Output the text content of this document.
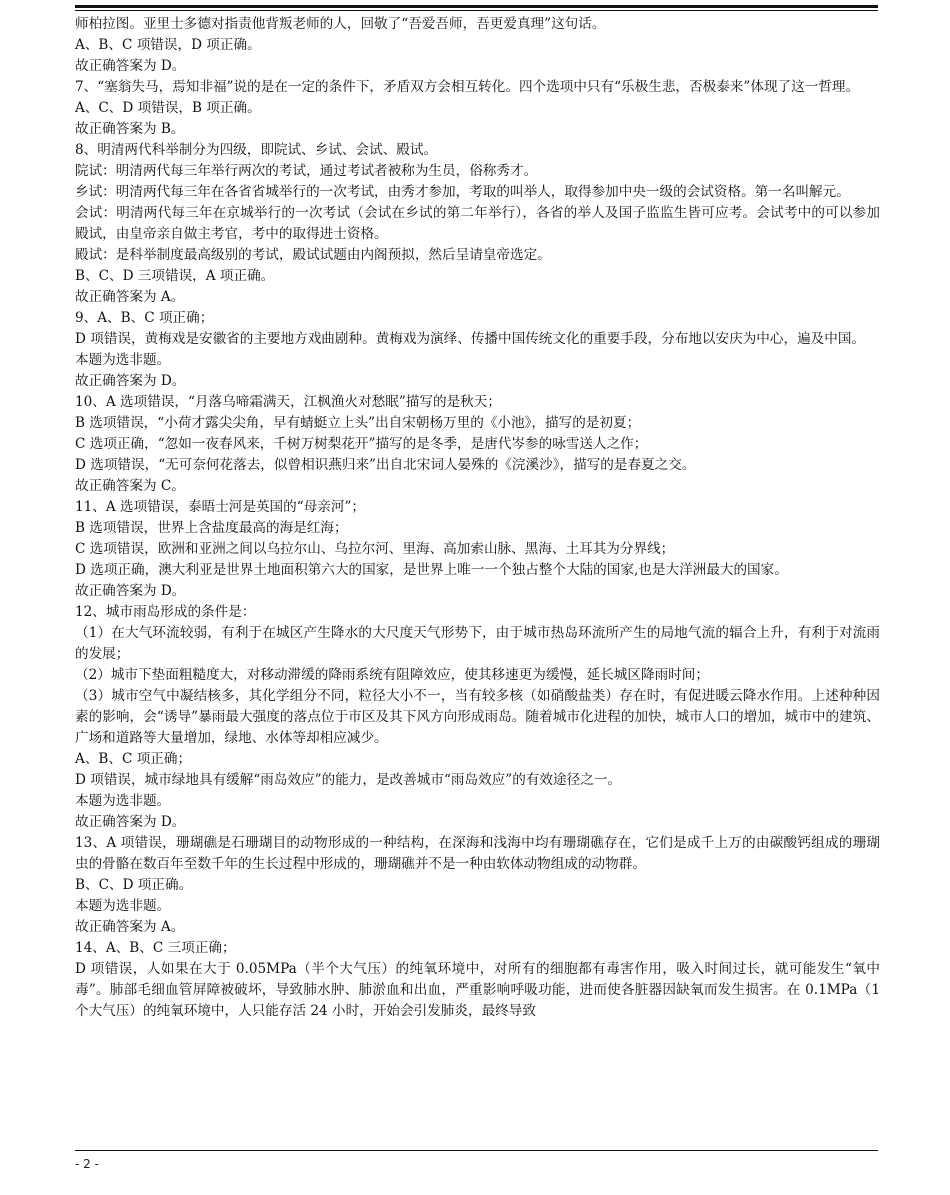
师柏拉图。亚里士多德对指责他背叛老师的人，回敬了“吾爱吾师，吾更爱真理”这句话。

A、B、C 项错误，D 项正确。

故正确答案为 D。

7、“塞翁失马，焉知非福”说的是在一定的条件下，矛盾双方会相互转化。四个选项中只有“乐极生悲，否极泰来”体现了这一哲理。

A、C、D 项错误，B 项正确。

故正确答案为 B。

8、明清两代科举制分为四级，即院试、乡试、会试、殿试。

院试：明清两代每三年举行两次的考试，通过考试者被称为生员，俗称秀才。

乡试：明清两代每三年在各省省城举行的一次考试，由秀才参加，考取的叫举人，取得参加中央一级的会试资格。第一名叫解元。

会试：明清两代每三年在京城举行的一次考试（会试在乡试的第二年举行），各省的举人及国子监监生皆可应考。会试考中的可以参加殿试，由皇帝亲自做主考官，考中的取得进士资格。

殿试：是科举制度最高级别的考试，殿试试题由内阁预拟，然后呈请皇帝选定。

B、C、D 三项错误，A 项正确。

故正确答案为 A。

9、A、B、C 项正确；

D 项错误，黄梅戏是安徽省的主要地方戏曲剧种。黄梅戏为演绎、传播中国传统文化的重要手段，分布地以安庆为中心，遍及中国。

本题为选非题。

故正确答案为 D。

10、A 选项错误，“月落乌啼霜满天，江枫渔火对愁眠”描写的是秋天；

B 选项错误，“小荷才露尖尖角，早有蜻蜓立上头”出自宋朝杨万里的《小池》，描写的是初夏；

C 选项正确，“忽如一夜春风来，千树万树梨花开”描写的是冬季，是唐代岑参的咏雪送人之作；

D 选项错误，“无可奈何花落去，似曾相识燕归来”出自北宋词人晏殊的《浣溪沙》，描写的是春夏之交。

故正确答案为 C。

11、A 选项错误，泰晤士河是英国的“母亲河”；

B 选项错误，世界上含盐度最高的海是红海；

C 选项错误，欧洲和亚洲之间以乌拉尔山、乌拉尔河、里海、高加索山脉、黑海、土耳其为分界线；

D 选项正确，澳大利亚是世界土地面积第六大的国家，是世界上唯一一个独占整个大陆的国家,也是大洋洲最大的国家。

故正确答案为 D。

12、城市雨岛形成的条件是：

（1）在大气环流较弱，有利于在城区产生降水的大尺度天气形势下，由于城市热岛环流所产生的局地气流的辐合上升，有利于对流雨的发展；

（2）城市下垫面粗糙度大，对移动滞缓的降雨系统有阻障效应，使其移速更为缓慢，延长城区降雨时间；

（3）城市空气中凝结核多，其化学组分不同，粒径大小不一，当有较多核（如硝酸盐类）存在时，有促进暖云降水作用。上述种种因素的影响，会“诱导”暴雨最大强度的落点位于市区及其下风方向形成雨岛。随着城市化进程的加快，城市人口的增加，城市中的建筑、广场和道路等大量增加，绿地、水体等却相应减少。

A、B、C 项正确；

D 项错误，城市绿地具有缓解“雨岛效应”的能力，是改善城市“雨岛效应”的有效途径之一。

本题为选非题。

故正确答案为 D。

13、A 项错误，珊瑚礁是石珊瑚目的动物形成的一种结构，在深海和浅海中均有珊瑚礁存在，它们是成千上万的由碳酸钙组成的珊瑚虫的骨骼在数百年至数千年的生长过程中形成的，珊瑚礁并不是一种由软体动物组成的动物群。

B、C、D 项正确。

本题为选非题。

故正确答案为 A。

14、A、B、C 三项正确；

D 项错误，人如果在大于 0.05MPa（半个大气压）的纯氧环境中，对所有的细胞都有毒害作用，吸入时间过长，就可能发生“氧中毒”。肺部毛细血管屏障被破坏，导致肺水肿、肺淤血和出血，严重影响呼吸功能，进而使各脏器因缺氧而发生损害。在 0.1MPa（1 个大气压）的纯氧环境中，人只能存活 24 小时，开始会引发肺炎，最终导致

- 2 -
